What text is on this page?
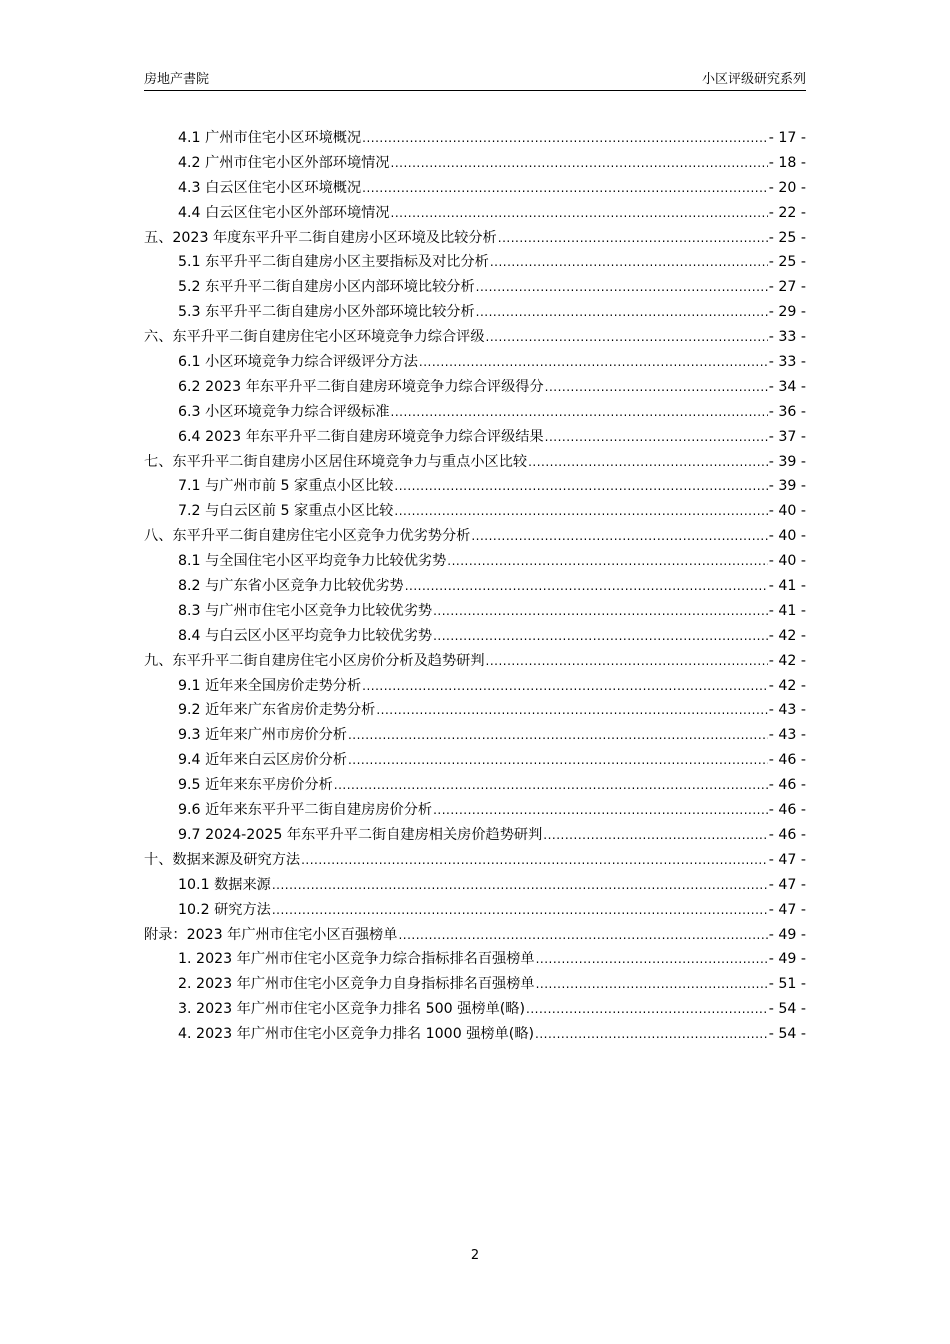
房地产書院	小区评级研究系列
4.1 广州市住宅小区环境概况 .....	- 17 -
4.2 广州市住宅小区外部环境情况 .....	- 18 -
4.3 白云区住宅小区环境概况 .....	- 20 -
4.4 白云区住宅小区外部环境情况 .....	- 22 -
五、2023 年度东平升平二街自建房小区环境及比较分析 .....	- 25 -
5.1 东平升平二街自建房小区主要指标及对比分析 .....	- 25 -
5.2 东平升平二街自建房小区内部环境比较分析 .....	- 27 -
5.3 东平升平二街自建房小区外部环境比较分析 .....	- 29 -
六、东平升平二街自建房住宅小区环境竞争力综合评级 .....	- 33 -
6.1 小区环境竞争力综合评级评分方法 .....	- 33 -
6.2 2023 年东平升平二街自建房环境竞争力综合评级得分 .....	- 34 -
6.3 小区环境竞争力综合评级标准 .....	- 36 -
6.4 2023 年东平升平二街自建房环境竞争力综合评级结果 .....	- 37 -
七、东平升平二街自建房小区居住环境竞争力与重点小区比较 .....	- 39 -
7.1 与广州市前 5 家重点小区比较 .....	- 39 -
7.2 与白云区前 5 家重点小区比较 .....	- 40 -
八、东平升平二街自建房住宅小区竞争力优劣势分析 .....	- 40 -
8.1 与全国住宅小区平均竞争力比较优劣势 .....	- 40 -
8.2 与广东省小区竞争力比较优劣势 .....	- 41 -
8.3 与广州市住宅小区竞争力比较优劣势 .....	- 41 -
8.4 与白云区小区平均竞争力比较优劣势 .....	- 42 -
九、东平升平二街自建房住宅小区房价分析及趋势研判 .....	- 42 -
9.1 近年来全国房价走势分析 .....	- 42 -
9.2 近年来广东省房价走势分析 .....	- 43 -
9.3 近年来广州市房价分析 .....	- 43 -
9.4 近年来白云区房价分析 .....	- 46 -
9.5 近年来东平房价分析 .....	- 46 -
9.6 近年来东平升平二街自建房房价分析 .....	- 46 -
9.7 2024-2025 年东平升平二街自建房相关房价趋势研判 .....	- 46 -
十、数据来源及研究方法 .....	- 47 -
10.1 数据来源 .....	- 47 -
10.2 研究方法 .....	- 47 -
附录：2023 年广州市住宅小区百强榜单 .....	- 49 -
1. 2023 年广州市住宅小区竞争力综合指标排名百强榜单 .....	- 49 -
2. 2023 年广州市住宅小区竞争力自身指标排名百强榜单 .....	- 51 -
3. 2023 年广州市住宅小区竞争力排名 500 强榜单(略) .....	- 54 -
4. 2023 年广州市住宅小区竞争力排名 1000 强榜单(略) .....	- 54 -
2
